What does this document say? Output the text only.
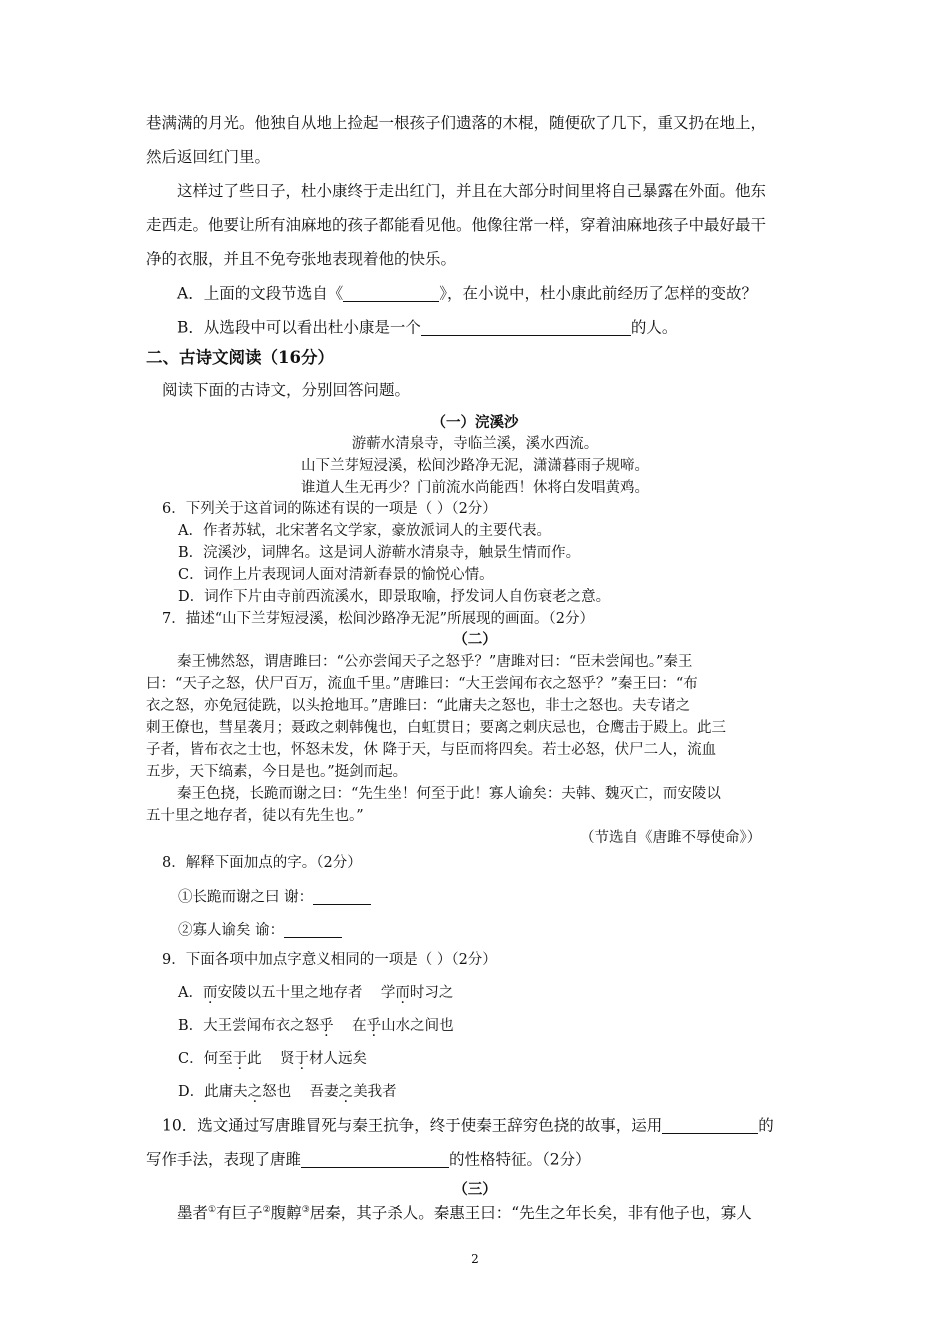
巷满满的月光。他独自从地上捡起一根孩子们遗落的木棍，随便砍了几下，重又扔在地上，
然后返回红门里。
这样过了些日子，杜小康终于走出红门，并且在大部分时间里将自己暴露在外面。他东
走西走。他要让所有油麻地的孩子都能看见他。他像往常一样，穿着油麻地孩子中最好最干
净的衣服，并且不免夸张地表现着他的快乐。
A．上面的文段节选自《	》，在小说中，杜小康此前经历了怎样的变故？
B．从选段中可以看出杜小康是一个	的人。
二、古诗文阅读（16分）
阅读下面的古诗文，分别回答问题。
（一）浣溪沙
游蕲水清泉寺，寺临兰溪，溪水西流。
山下兰芽短浸溪，松间沙路净无泥，潇潇暮雨子规啼。
谁道人生无再少？门前流水尚能西！休将白发唱黄鸡。
6．下列关于这首词的陈述有误的一项是（ ）（2分）
A．作者苏轼，北宋著名文学家，豪放派词人的主要代表。
B．浣溪沙，词牌名。这是词人游蕲水清泉寺，触景生情而作。
C．词作上片表现词人面对清新春景的愉悦心情。
D．词作下片由寺前西流溪水，即景取喻，抒发词人自伤衰老之意。
7．描述“山下兰芽短浸溪，松间沙路净无泥”所展现的画面。（2分）
（二）
秦王怫然怒，谓唐雎曰：“公亦尝闻天子之怒乎？”唐雎对曰：“臣未尝闻也。”秦王
曰：“天子之怒，伏尸百万，流血千里。”唐雎曰：“大王尝闻布衣之怒乎？”秦王曰：“布
衣之怒，亦免冠徒跣，以头抢地耳。”唐雎曰：“此庸夫之怒也，非士之怒也。夫专诸之
刺王僚也，彗星袭月；聂政之刺韩傀也，白虹贯日；要离之刺庆忌也，仓鹰击于殿上。此三
子者，皆布衣之士也，怀怒未发，休 降于天，与臣而将四矣。若士必怒，伏尸二人，流血
五步，天下缟素，今日是也。”挺剑而起。
秦王色挠，长跪而谢之曰：“先生坐！何至于此！寡人谕矣：夫韩、魏灭亡，而安陵以
五十里之地存者，徒以有先生也。”
（节选自《唐雎不辱使命》）
8．解释下面加点的字。（2分）
①长跪而谢之曰 谢：
②寡人谕矣 谕：
9．下面各项中加点字意义相同的一项是（ ）（2分）
A．而安陵以五十里之地存者    学而时习之
B．大王尝闻布衣之怒乎    在乎山水之间也
C．何至于此    贤于材人远矣
D．此庸夫之怒也    吾妻之美我者
10．选文通过写唐雎冒死与秦王抗争，终于使秦王辞穷色挠的故事，运用	的
写作手法，表现了唐雎	的性格特征。（2分）
（三）
墨者①有巨子②腹䵍③居秦，其子杀人。秦惠王曰：“先生之年长矣，非有他子也，寡人
2
